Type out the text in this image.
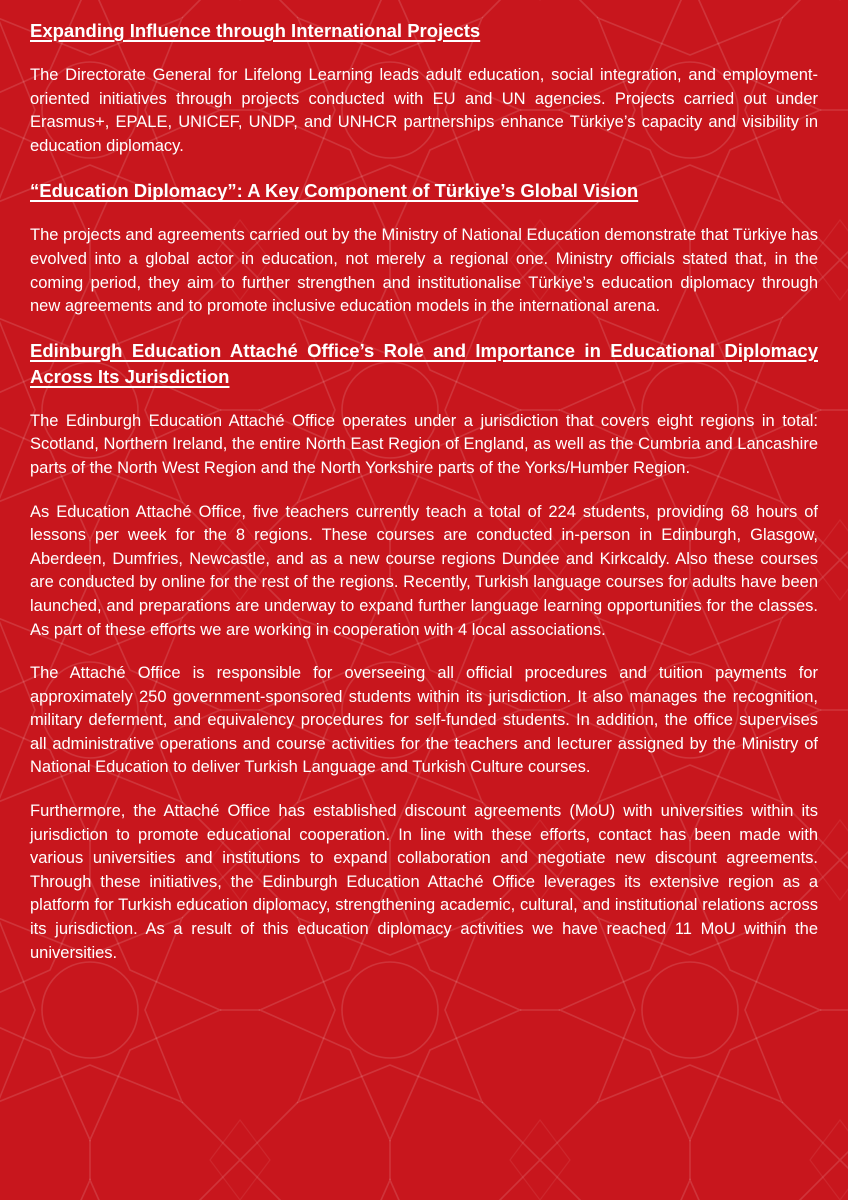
Expanding Influence through International Projects

The Directorate General for Lifelong Learning leads adult education, social integration, and employment-oriented initiatives through projects conducted with EU and UN agencies. Projects carried out under Erasmus+, EPALE, UNICEF, UNDP, and UNHCR partnerships enhance Türkiye’s capacity and visibility in education diplomacy.

“Education Diplomacy”: A Key Component of Türkiye’s Global Vision

The projects and agreements carried out by the Ministry of National Education demonstrate that Türkiye has evolved into a global actor in education, not merely a regional one. Ministry officials stated that, in the coming period, they aim to further strengthen and institutionalise Türkiye’s education diplomacy through new agreements and to promote inclusive education models in the international arena.

Edinburgh Education Attaché Office’s Role and Importance in Educational Diplomacy Across Its Jurisdiction

The Edinburgh Education Attaché Office operates under a jurisdiction that covers eight regions in total: Scotland, Northern Ireland, the entire North East Region of England, as well as the Cumbria and Lancashire parts of the North West Region and the North Yorkshire parts of the Yorks/Humber Region.

As Education Attaché Office, five teachers currently teach a total of 224 students, providing 68 hours of lessons per week for the 8 regions. These courses are conducted in-person in Edinburgh, Glasgow, Aberdeen, Dumfries, Newcastle, and as a new course regions Dundee and Kirkcaldy. Also these courses are conducted by online for the rest of the regions. Recently, Turkish language courses for adults have been launched, and preparations are underway to expand further language learning opportunities for the classes. As part of these efforts we are working in cooperation with 4 local associations.

The Attaché Office is responsible for overseeing all official procedures and tuition payments for approximately 250 government-sponsored students within its jurisdiction. It also manages the recognition, military deferment, and equivalency procedures for self-funded students. In addition, the office supervises all administrative operations and course activities for the teachers and lecturer assigned by the Ministry of National Education to deliver Turkish Language and Turkish Culture courses.

Furthermore, the Attaché Office has established discount agreements (MoU) with universities within its jurisdiction to promote educational cooperation. In line with these efforts, contact has been made with various universities and institutions to expand collaboration and negotiate new discount agreements. Through these initiatives, the Edinburgh Education Attaché Office leverages its extensive region as a platform for Turkish education diplomacy, strengthening academic, cultural, and institutional relations across its jurisdiction. As a result of this education diplomacy activities we have reached 11 MoU within the universities.
